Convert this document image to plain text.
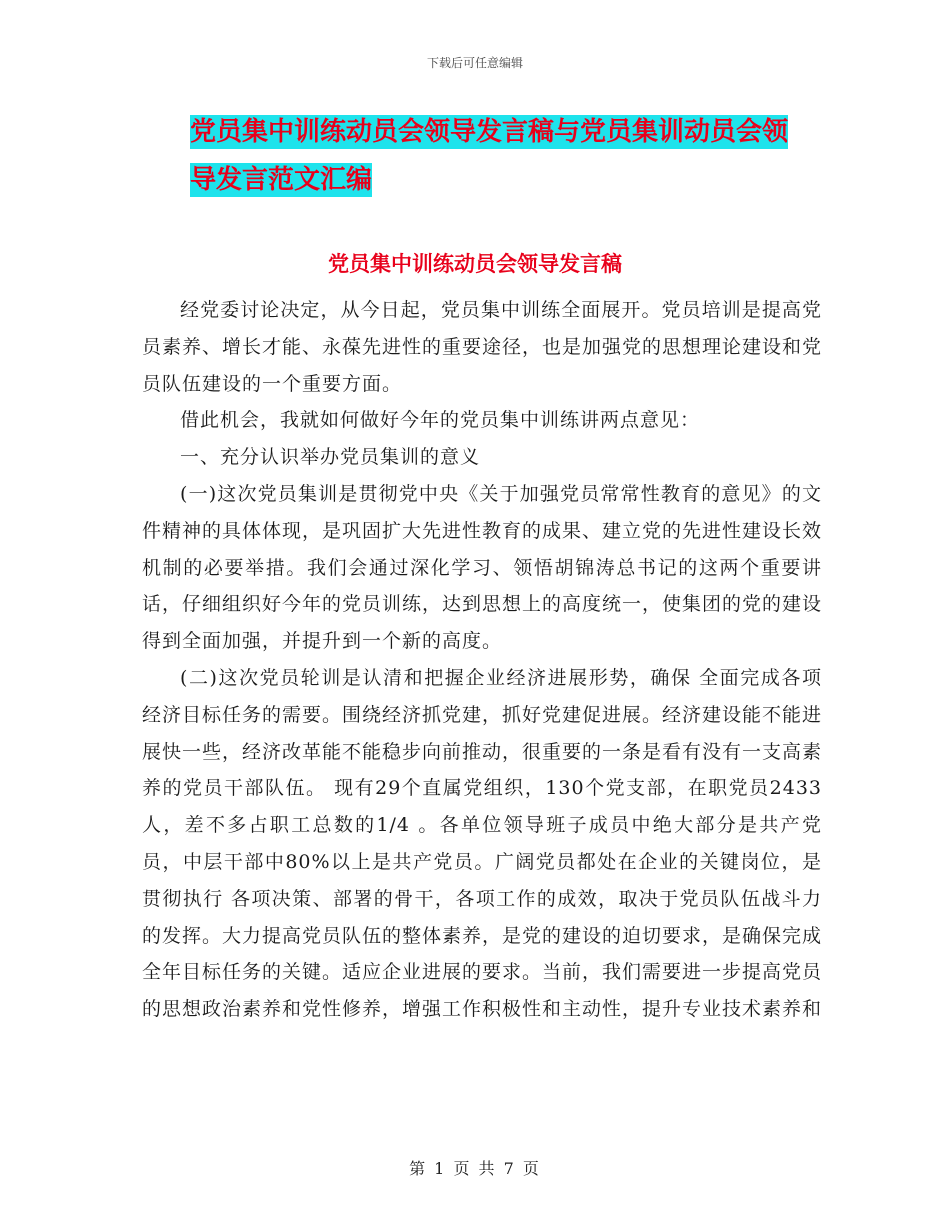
下载后可任意编辑
党员集中训练动员会领导发言稿与党员集训动员会领
导发言范文汇编
党员集中训练动员会领导发言稿

经党委讨论决定，从今日起，党员集中训练全面展开。党员培训是提高党员素养、增长才能、永葆先进性的重要途径，也是加强党的思想理论建设和党员队伍建设的一个重要方面。

借此机会，我就如何做好今年的党员集中训练讲两点意见：

一、充分认识举办党员集训的意义

(一)这次党员集训是贯彻党中央《关于加强党员常常性教育的意见》的文件精神的具体体现，是巩固扩大先进性教育的成果、建立党的先进性建设长效机制的必要举措。我们会通过深化学习、领悟胡锦涛总书记的这两个重要讲话，仔细组织好今年的党员训练，达到思想上的高度统一，使集团的党的建设得到全面加强，并提升到一个新的高度。

(二)这次党员轮训是认清和把握企业经济进展形势，确保 全面完成各项经济目标任务的需要。围绕经济抓党建，抓好党建促进展。经济建设能不能进展快一些，经济改革能不能稳步向前推动，很重要的一条是看有没有一支高素养的党员干部队伍。 现有29个直属党组织，130个党支部，在职党员2433人，差不多占职工总数的1/4 。各单位领导班子成员中绝大部分是共产党员，中层干部中80%以上是共产党员。广阔党员都处在企业的关键岗位，是贯彻执行 各项决策、部署的骨干，各项工作的成效，取决于党员队伍战斗力的发挥。大力提高党员队伍的整体素养，是党的建设的迫切要求，是确保完成全年目标任务的关键。适应企业进展的要求。当前，我们需要进一步提高党员的思想政治素养和党性修养，增强工作积极性和主动性，提升专业技术素养和

第 1 页 共 7 页
